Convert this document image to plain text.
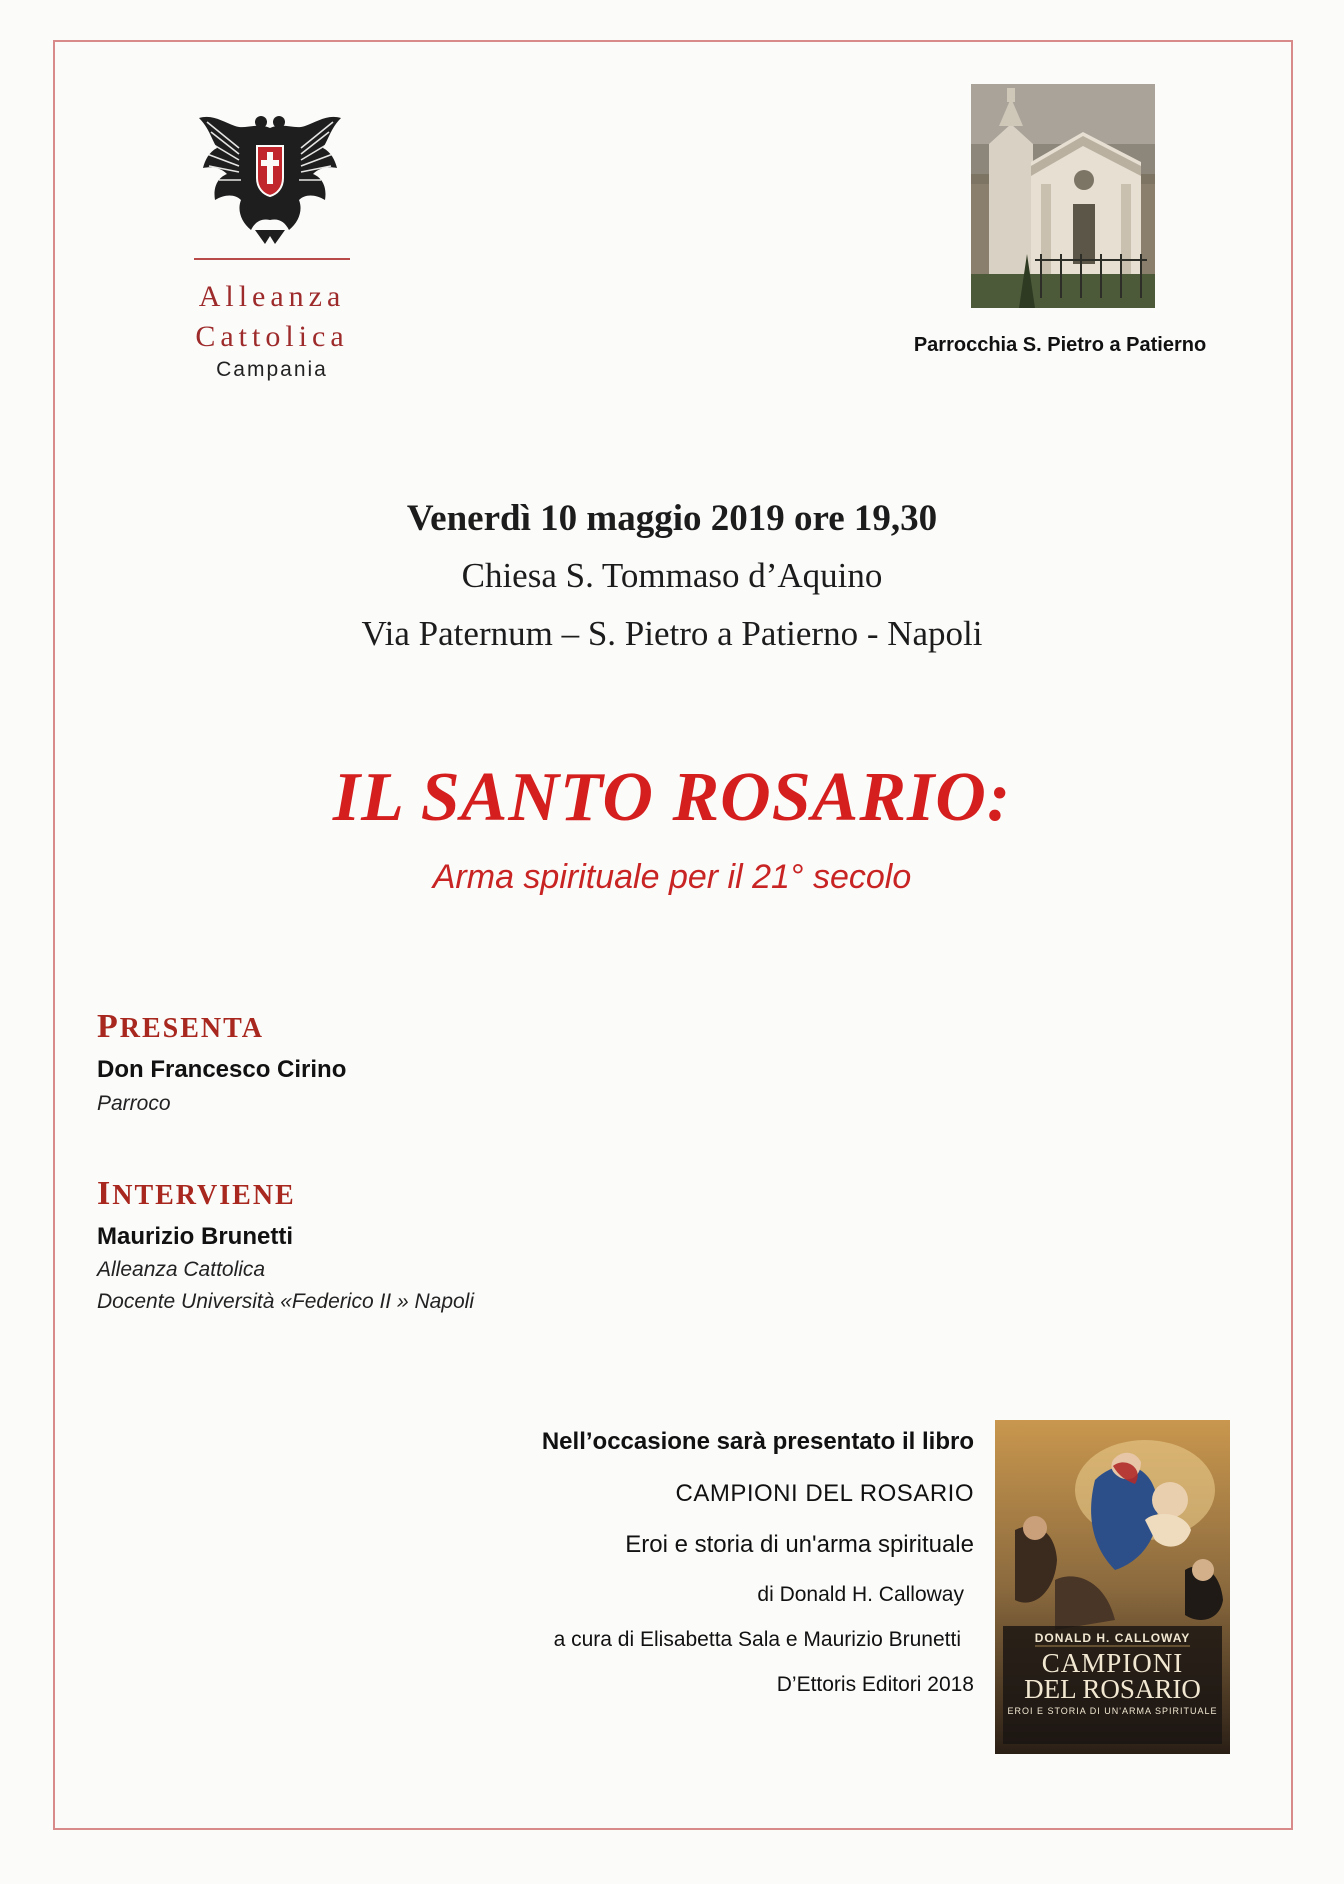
Alleanza
Cattolica
Campania
Parrocchia S. Pietro a Patierno
Venerdì 10 maggio 2019 ore 19,30
Chiesa S. Tommaso d’Aquino
Via Paternum – S. Pietro a Patierno - Napoli
IL SANTO ROSARIO:
Arma spirituale per il 21° secolo
PRESENTA
Don Francesco Cirino
Parroco
INTERVIENE
Maurizio Brunetti
Alleanza Cattolica
Docente Università «Federico II » Napoli
Nell’occasione sarà presentato il libro
CAMPIONI DEL ROSARIO
Eroi e storia di un'arma spirituale
di Donald H. Calloway
a cura di Elisabetta Sala e Maurizio Brunetti
D’Ettoris Editori 2018
DONALD H. CALLOWAY
CAMPIONI
DEL ROSARIO
EROI E STORIA DI UN'ARMA SPIRITUALE
